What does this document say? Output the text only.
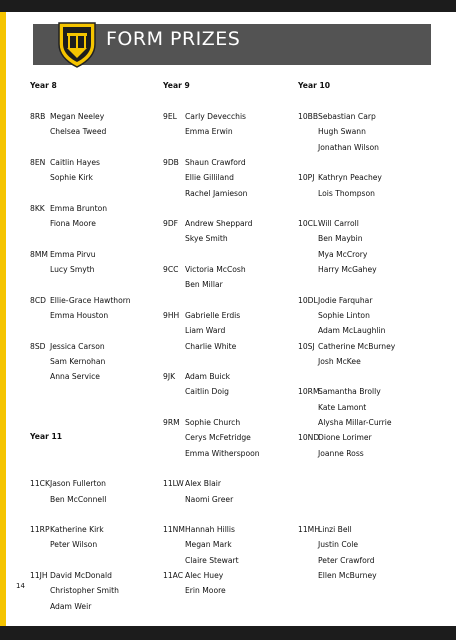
FORM PRIZES
Year 8	Year 9	Year 10
Year 11
8RB Megan Neeley
Chelsea Tweed
8EN Caitlin Hayes
Sophie Kirk
8KK Emma Brunton
Fiona Moore
8MM Emma Pirvu
Lucy Smyth
8CD Ellie-Grace Hawthorn
Emma Houston
8SD Jessica Carson
Sam Kernohan
Anna Service
11CK Jason Fullerton
Ben McConnell
11RP Katherine Kirk
Peter Wilson
11JH David McDonald
Christopher Smith
Adam Weir
9EL Carly Devecchis
Emma Erwin
9DB Shaun Crawford
Ellie Gilliland
Rachel Jamieson
9DF Andrew Sheppard
Skye Smith
9CC Victoria McCosh
Ben Millar
9HH Gabrielle Erdis
Liam Ward
Charlie White
9JK Adam Buick
Caitlin Doig
9RM Sophie Church
Cerys McFetridge
Emma Witherspoon
11LW Alex Blair
Naomi Greer
11NM Hannah Hillis
Megan Mark
Claire Stewart
11AC Alec Huey
Erin Moore
10BB Sebastian Carp
Hugh Swann
Jonathan Wilson
10PJ Kathryn Peachey
Lois Thompson
10CL Will Carroll
Ben Maybin
Mya McCrory
Harry McGahey
10DL Jodie Farquhar
Sophie Linton
Adam McLaughlin
10SJ Catherine McBurney
Josh McKee
10RM
Samantha Brolly
Kate Lamont
Alysha Millar-Currie
10ND
Dione Lorimer
Joanne Ross
11MH
Linzi Bell
Justin Cole
Peter Crawford
Ellen McBurney
14
